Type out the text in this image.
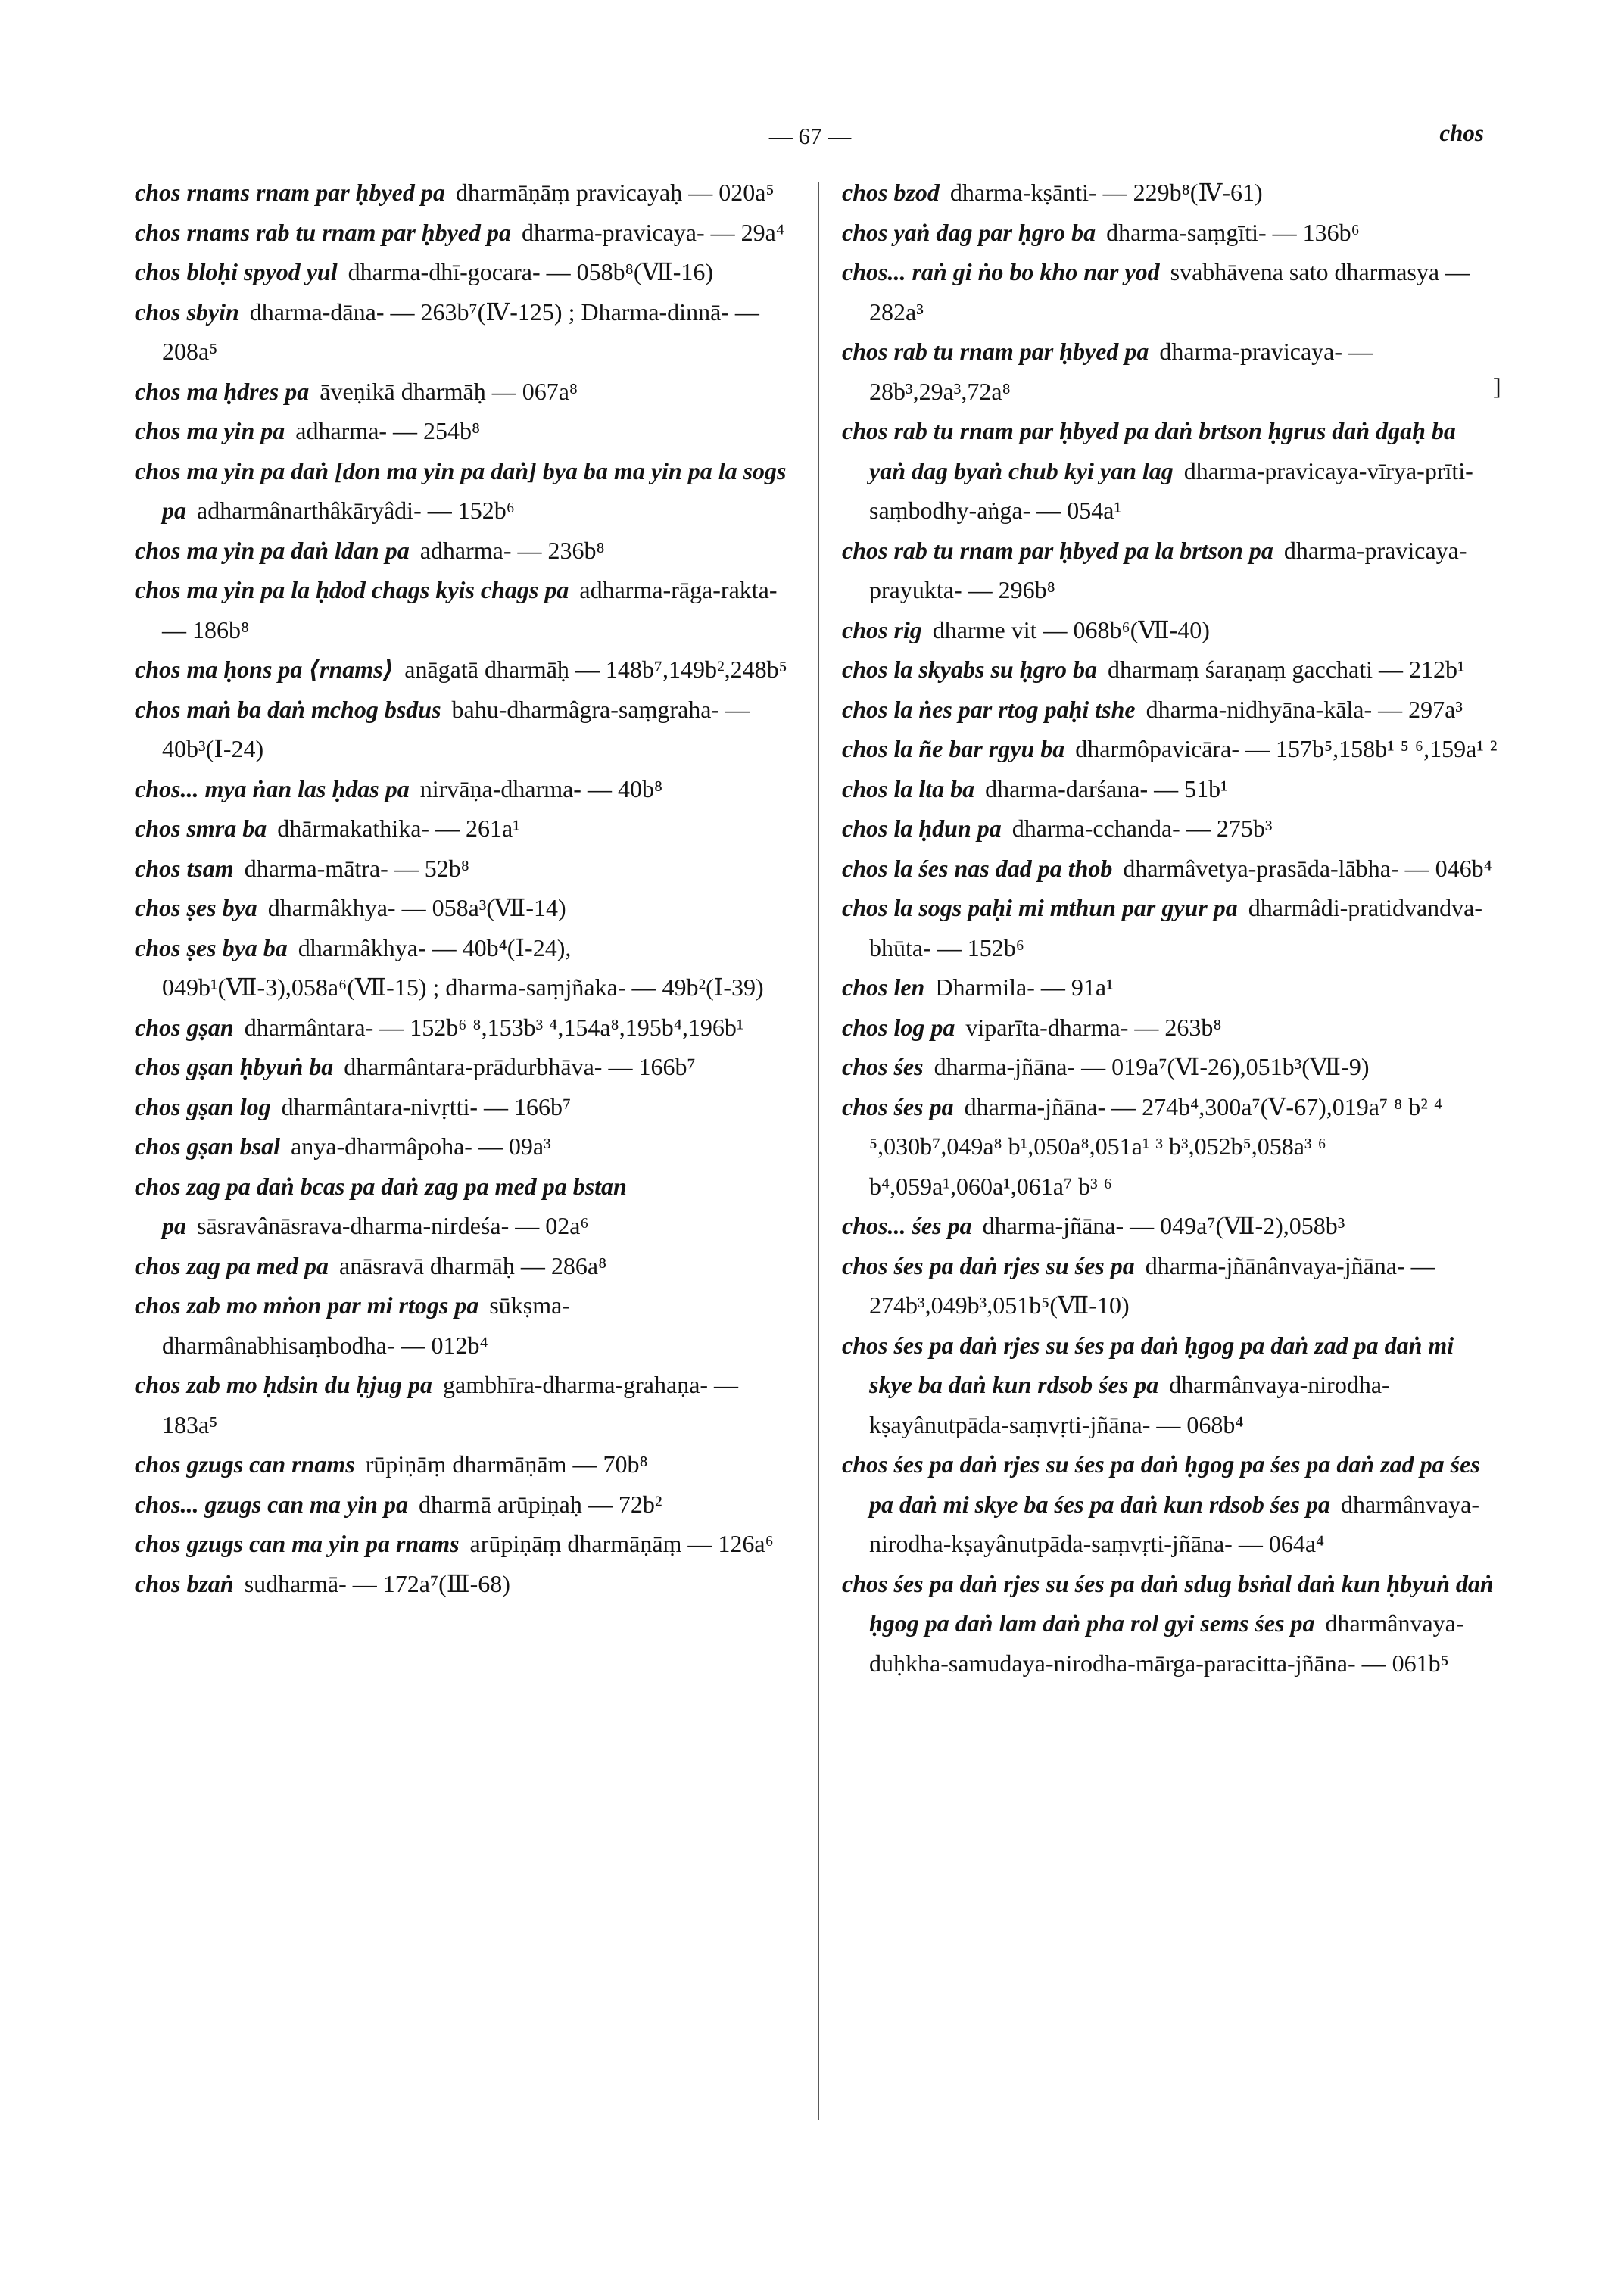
— 67 —	chos

chos rnams rnam par ḥbyed pa dharmāṇāṃ pravicayaḥ — 020a⁵

chos rnams rab tu rnam par ḥbyed pa dharma-pravicaya- — 29a⁴

chos bloḥi spyod yul dharma-dhī-gocara- — 058b⁸(Ⅶ-16)

chos sbyin dharma-dāna- — 263b⁷(Ⅳ-125) ; Dharma-dinnā- — 208a⁵

chos ma ḥdres pa āveṇikā dharmāḥ — 067a⁸

chos ma yin pa adharma- — 254b⁸

chos ma yin pa daṅ [don ma yin pa daṅ] bya ba ma yin pa la sogs pa adharmânarthâkāryâdi- — 152b⁶

chos ma yin pa daṅ ldan pa adharma- — 236b⁸

chos ma yin pa la ḥdod chags kyis chags pa adharma-rāga-rakta- — 186b⁸

chos ma ḥons pa ⟨rnams⟩ anāgatā dharmāḥ — 148b⁷,149b²,248b⁵

chos maṅ ba daṅ mchog bsdus bahu-dharmâgra-saṃgraha- — 40b³(Ⅰ-24)

chos... mya ṅan las ḥdas pa nirvāṇa-dharma- — 40b⁸

chos smra ba dhārmakathika- — 261a¹

chos tsam dharma-mātra- — 52b⁸

chos ṣes bya dharmâkhya- — 058a³(Ⅶ-14)

chos ṣes bya ba dharmâkhya- — 40b⁴(Ⅰ-24), 049b¹(Ⅶ-3),058a⁶(Ⅶ-15) ; dharma-saṃjñaka- — 49b²(Ⅰ-39)

chos gṣan dharmântara- — 152b⁶ ⁸,153b³ ⁴,154a⁸,195b⁴,196b¹

chos gṣan ḥbyuṅ ba dharmântara-prādurbhāva- — 166b⁷

chos gṣan log dharmântara-nivṛtti- — 166b⁷

chos gṣan bsal anya-dharmâpoha- — 09a³

chos zag pa daṅ bcas pa daṅ zag pa med pa bstan pa sāsravânāsrava-dharma-nirdeśa- — 02a⁶

chos zag pa med pa anāsravā dharmāḥ — 286a⁸

chos zab mo mṅon par mi rtogs pa sūkṣma-dharmânabhisaṃbodha- — 012b⁴

chos zab mo ḥdsin du ḥjug pa gambhīra-dharma-grahaṇa- — 183a⁵

chos gzugs can rnams rūpiṇāṃ dharmāṇām — 70b⁸

chos... gzugs can ma yin pa dharmā arūpiṇaḥ — 72b²

chos gzugs can ma yin pa rnams arūpiṇāṃ dharmāṇāṃ — 126a⁶

chos bzaṅ sudharmā- — 172a⁷(Ⅲ-68)

chos bzod dharma-kṣānti- — 229b⁸(Ⅳ-61)

chos yaṅ dag par ḥgro ba dharma-saṃgīti- — 136b⁶

chos... raṅ gi ṅo bo kho nar yod svabhāvena sato dharmasya — 282a³

chos rab tu rnam par ḥbyed pa dharma-pravicaya- — 28b³,29a³,72a⁸

chos rab tu rnam par ḥbyed pa daṅ brtson ḥgrus daṅ dgaḥ ba yaṅ dag byaṅ chub kyi yan lag dharma-pravicaya-vīrya-prīti-saṃbodhy-aṅga- — 054a¹

chos rab tu rnam par ḥbyed pa la brtson pa dharma-pravicaya-prayukta- — 296b⁸

chos rig dharme vit — 068b⁶(Ⅶ-40)

chos la skyabs su ḥgro ba dharmaṃ śaraṇaṃ gacchati — 212b¹

chos la ṅes par rtog paḥi tshe dharma-nidhyāna-kāla- — 297a³

chos la ñe bar rgyu ba dharmôpavicāra- — 157b⁵,158b¹ ⁵ ⁶,159a¹ ²

chos la lta ba dharma-darśana- — 51b¹

chos la ḥdun pa dharma-cchanda- — 275b³

chos la śes nas dad pa thob dharmâvetya-prasāda-lābha- — 046b⁴

chos la sogs paḥi mi mthun par gyur pa dharmâdi-pratidvandva-bhūta- — 152b⁶

chos len Dharmila- — 91a¹

chos log pa viparīta-dharma- — 263b⁸

chos śes dharma-jñāna- — 019a⁷(Ⅵ-26),051b³(Ⅶ-9)

chos śes pa dharma-jñāna- — 274b⁴,300a⁷(Ⅴ-67),019a⁷ ⁸ b² ⁴ ⁵,030b⁷,049a⁸ b¹,050a⁸,051a¹ ³ b³,052b⁵,058a³ ⁶ b⁴,059a¹,060a¹,061a⁷ b³ ⁶

chos... śes pa dharma-jñāna- — 049a⁷(Ⅶ-2),058b³

chos śes pa daṅ rjes su śes pa dharma-jñānânvaya-jñāna- — 274b³,049b³,051b⁵(Ⅶ-10)

chos śes pa daṅ rjes su śes pa daṅ ḥgog pa daṅ zad pa daṅ mi skye ba daṅ kun rdsob śes pa dharmânvaya-nirodha-kṣayânutpāda-saṃvṛti-jñāna- — 068b⁴

chos śes pa daṅ rjes su śes pa daṅ ḥgog pa śes pa daṅ zad pa śes pa daṅ mi skye ba śes pa daṅ kun rdsob śes pa dharmânvaya-nirodha-kṣayânutpāda-saṃvṛti-jñāna- — 064a⁴

chos śes pa daṅ rjes su śes pa daṅ sdug bsṅal daṅ kun ḥbyuṅ daṅ ḥgog pa daṅ lam daṅ pha rol gyi sems śes pa dharmânvaya-duḥkha-samudaya-nirodha-mārga-paracitta-jñāna- — 061b⁵

]
